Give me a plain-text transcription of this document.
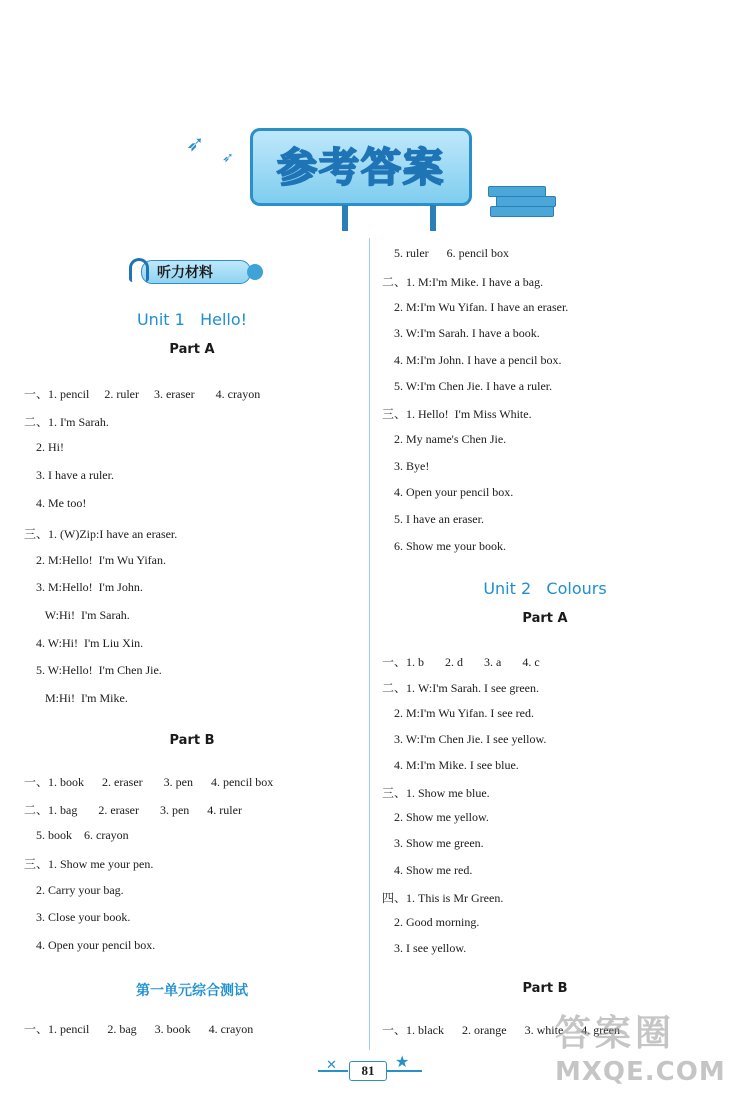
➶
➶	参考答案
听力材料
Unit 1   Hello!
Part A
一、1. pencil     2. ruler     3. eraser       4. crayon
二、1. I'm Sarah.
2. Hi!
3. I have a ruler.
4. Me too!
三、1. (W)Zip:I have an eraser.
2. M:Hello!  I'm Wu Yifan.
3. M:Hello!  I'm John.
W:Hi!  I'm Sarah.
4. W:Hi!  I'm Liu Xin.
5. W:Hello!  I'm Chen Jie.
M:Hi!  I'm Mike.
Part B
一、1. book      2. eraser       3. pen      4. pencil box
二、1. bag       2. eraser       3. pen      4. ruler
5. book    6. crayon
三、1. Show me your pen.
2. Carry your bag.
3. Close your book.
4. Open your pencil box.
第一单元综合测试
一、1. pencil      2. bag      3. book      4. crayon
5. ruler      6. pencil box
二、1. M:I'm Mike. I have a bag.
2. M:I'm Wu Yifan. I have an eraser.
3. W:I'm Sarah. I have a book.
4. M:I'm John. I have a pencil box.
5. W:I'm Chen Jie. I have a ruler.
三、1. Hello!  I'm Miss White.
2. My name's Chen Jie.
3. Bye!
4. Open your pencil box.
5. I have an eraser.
6. Show me your book.
Unit 2   Colours
Part A
一、1. b       2. d       3. a       4. c
二、1. W:I'm Sarah. I see green.
2. M:I'm Wu Yifan. I see red.
3. W:I'm Chen Jie. I see yellow.
4. M:I'm Mike. I see blue.
三、1. Show me blue.
2. Show me yellow.
3. Show me green.
4. Show me red.
四、1. This is Mr Green.
2. Good morning.
3. I see yellow.
Part B
一、1. black      2. orange      3. white      4. green
★
✕	81
答案圈
MXQE.COM
